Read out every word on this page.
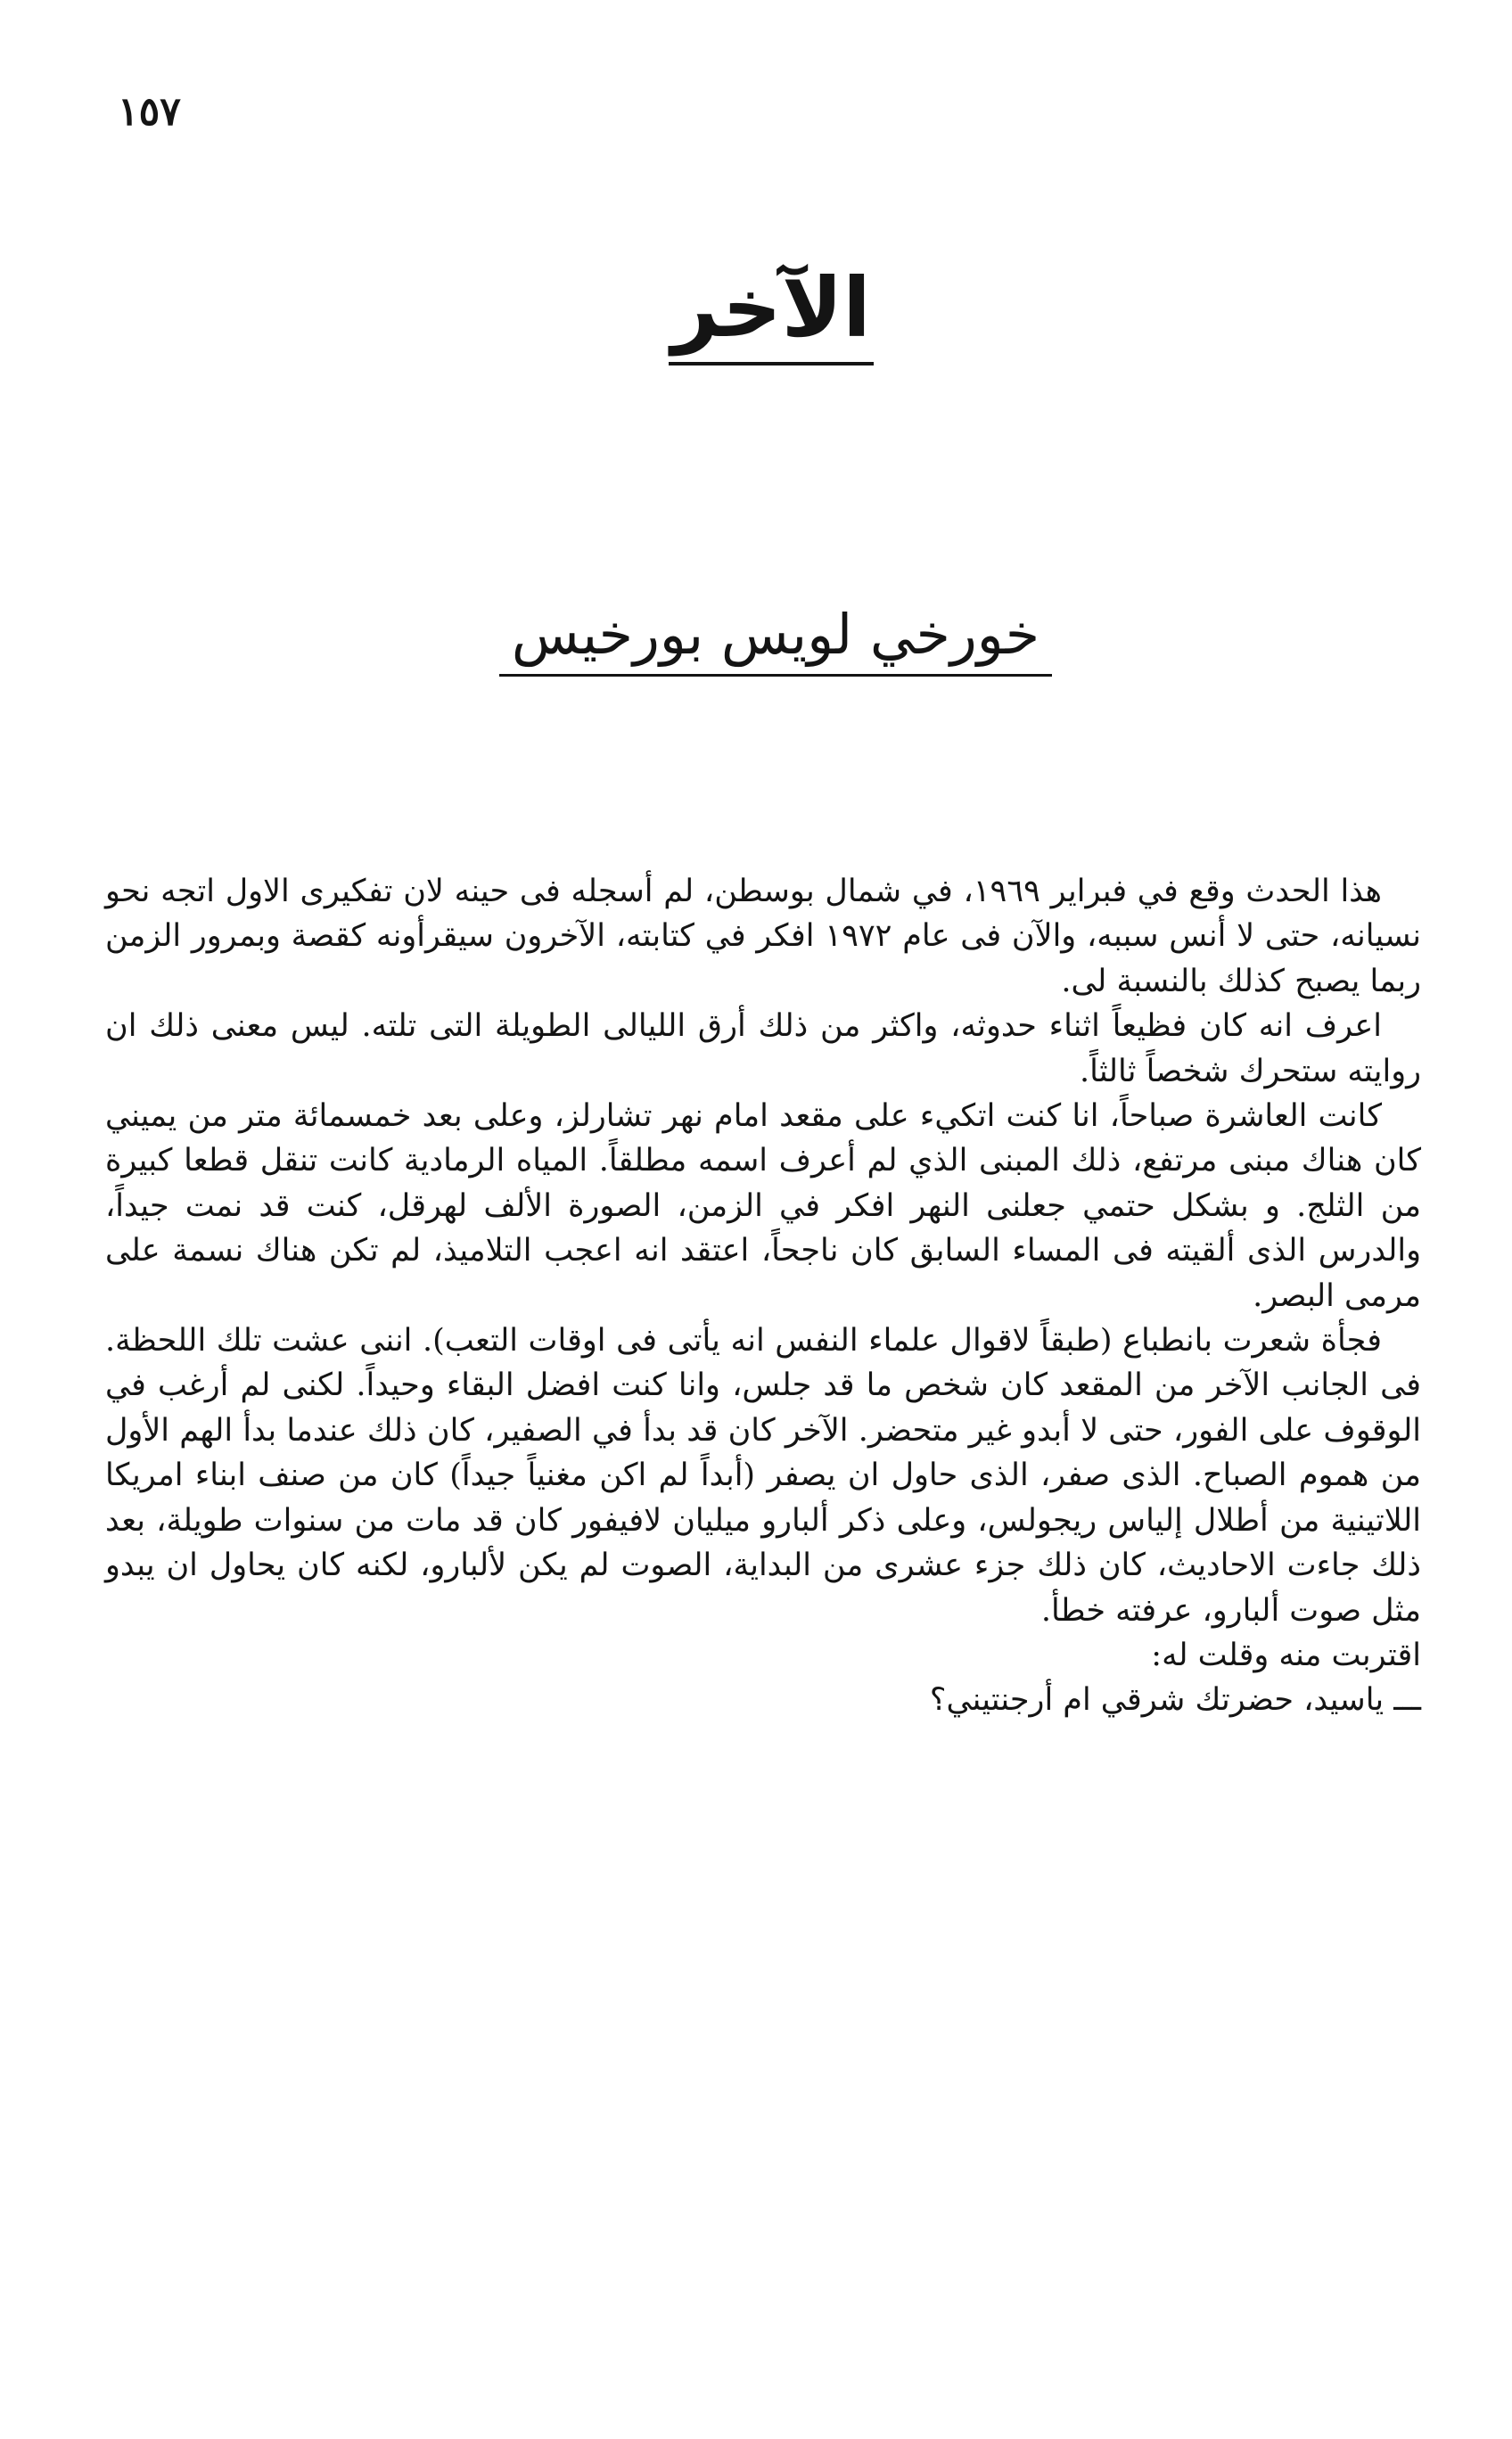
١٥٧
الآخر
خورخي لويس بورخيس

هذا الحدث وقع في فبراير ١٩٦٩، في شمال بوسطن، لم أسجله فى حينه لان تفكيرى الاول اتجه نحو نسيانه، حتى لا أنس سببه، والآن فى عام ١٩٧٢ افكر في كتابته، الآخرون سيقرأونه كقصة وبمرور الزمن ربما يصبح كذلك بالنسبة لى.

اعرف انه كان فظيعاً اثناء حدوثه، واكثر من ذلك أرق الليالى الطويلة التى تلته. ليس معنى ذلك ان روايته ستحرك شخصاً ثالثاً.

كانت العاشرة صباحاً، انا كنت اتكيء على مقعد امام نهر تشارلز، وعلى بعد خمسمائة متر من يميني كان هناك مبنى مرتفع، ذلك المبنى الذي لم أعرف اسمه مطلقاً. المياه الرمادية كانت تنقل قطعا كبيرة من الثلج. و بشكل حتمي جعلنى النهر افكر في الزمن، الصورة الألف لهرقل، كنت قد نمت جيداً، والدرس الذى ألقيته فى المساء السابق كان ناجحاً، اعتقد انه اعجب التلاميذ، لم تكن هناك نسمة على مرمى البصر.

فجأة شعرت بانطباع (طبقاً لاقوال علماء النفس انه يأتى فى اوقات التعب). اننى عشت تلك اللحظة. فى الجانب الآخر من المقعد كان شخص ما قد جلس، وانا كنت افضل البقاء وحيداً. لكنى لم أرغب في الوقوف على الفور، حتى لا أبدو غير متحضر. الآخر كان قد بدأ في الصفير، كان ذلك عندما بدأ الهم الأول من هموم الصباح. الذى صفر، الذى حاول ان يصفر (أبداً لم اكن مغنياً جيداً) كان من صنف ابناء امريكا اللاتينية من أطلال إلياس ريجولس، وعلى ذكر ألبارو ميليان لافيفور كان قد مات من سنوات طويلة، بعد ذلك جاءت الاحاديث، كان ذلك جزء عشرى من البداية، الصوت لم يكن لألبارو، لكنه كان يحاول ان يبدو مثل صوت ألبارو، عرفته خطأ.

اقتربت منه وقلت له:

ـــ ياسيد، حضرتك شرقي ام أرجنتيني؟
